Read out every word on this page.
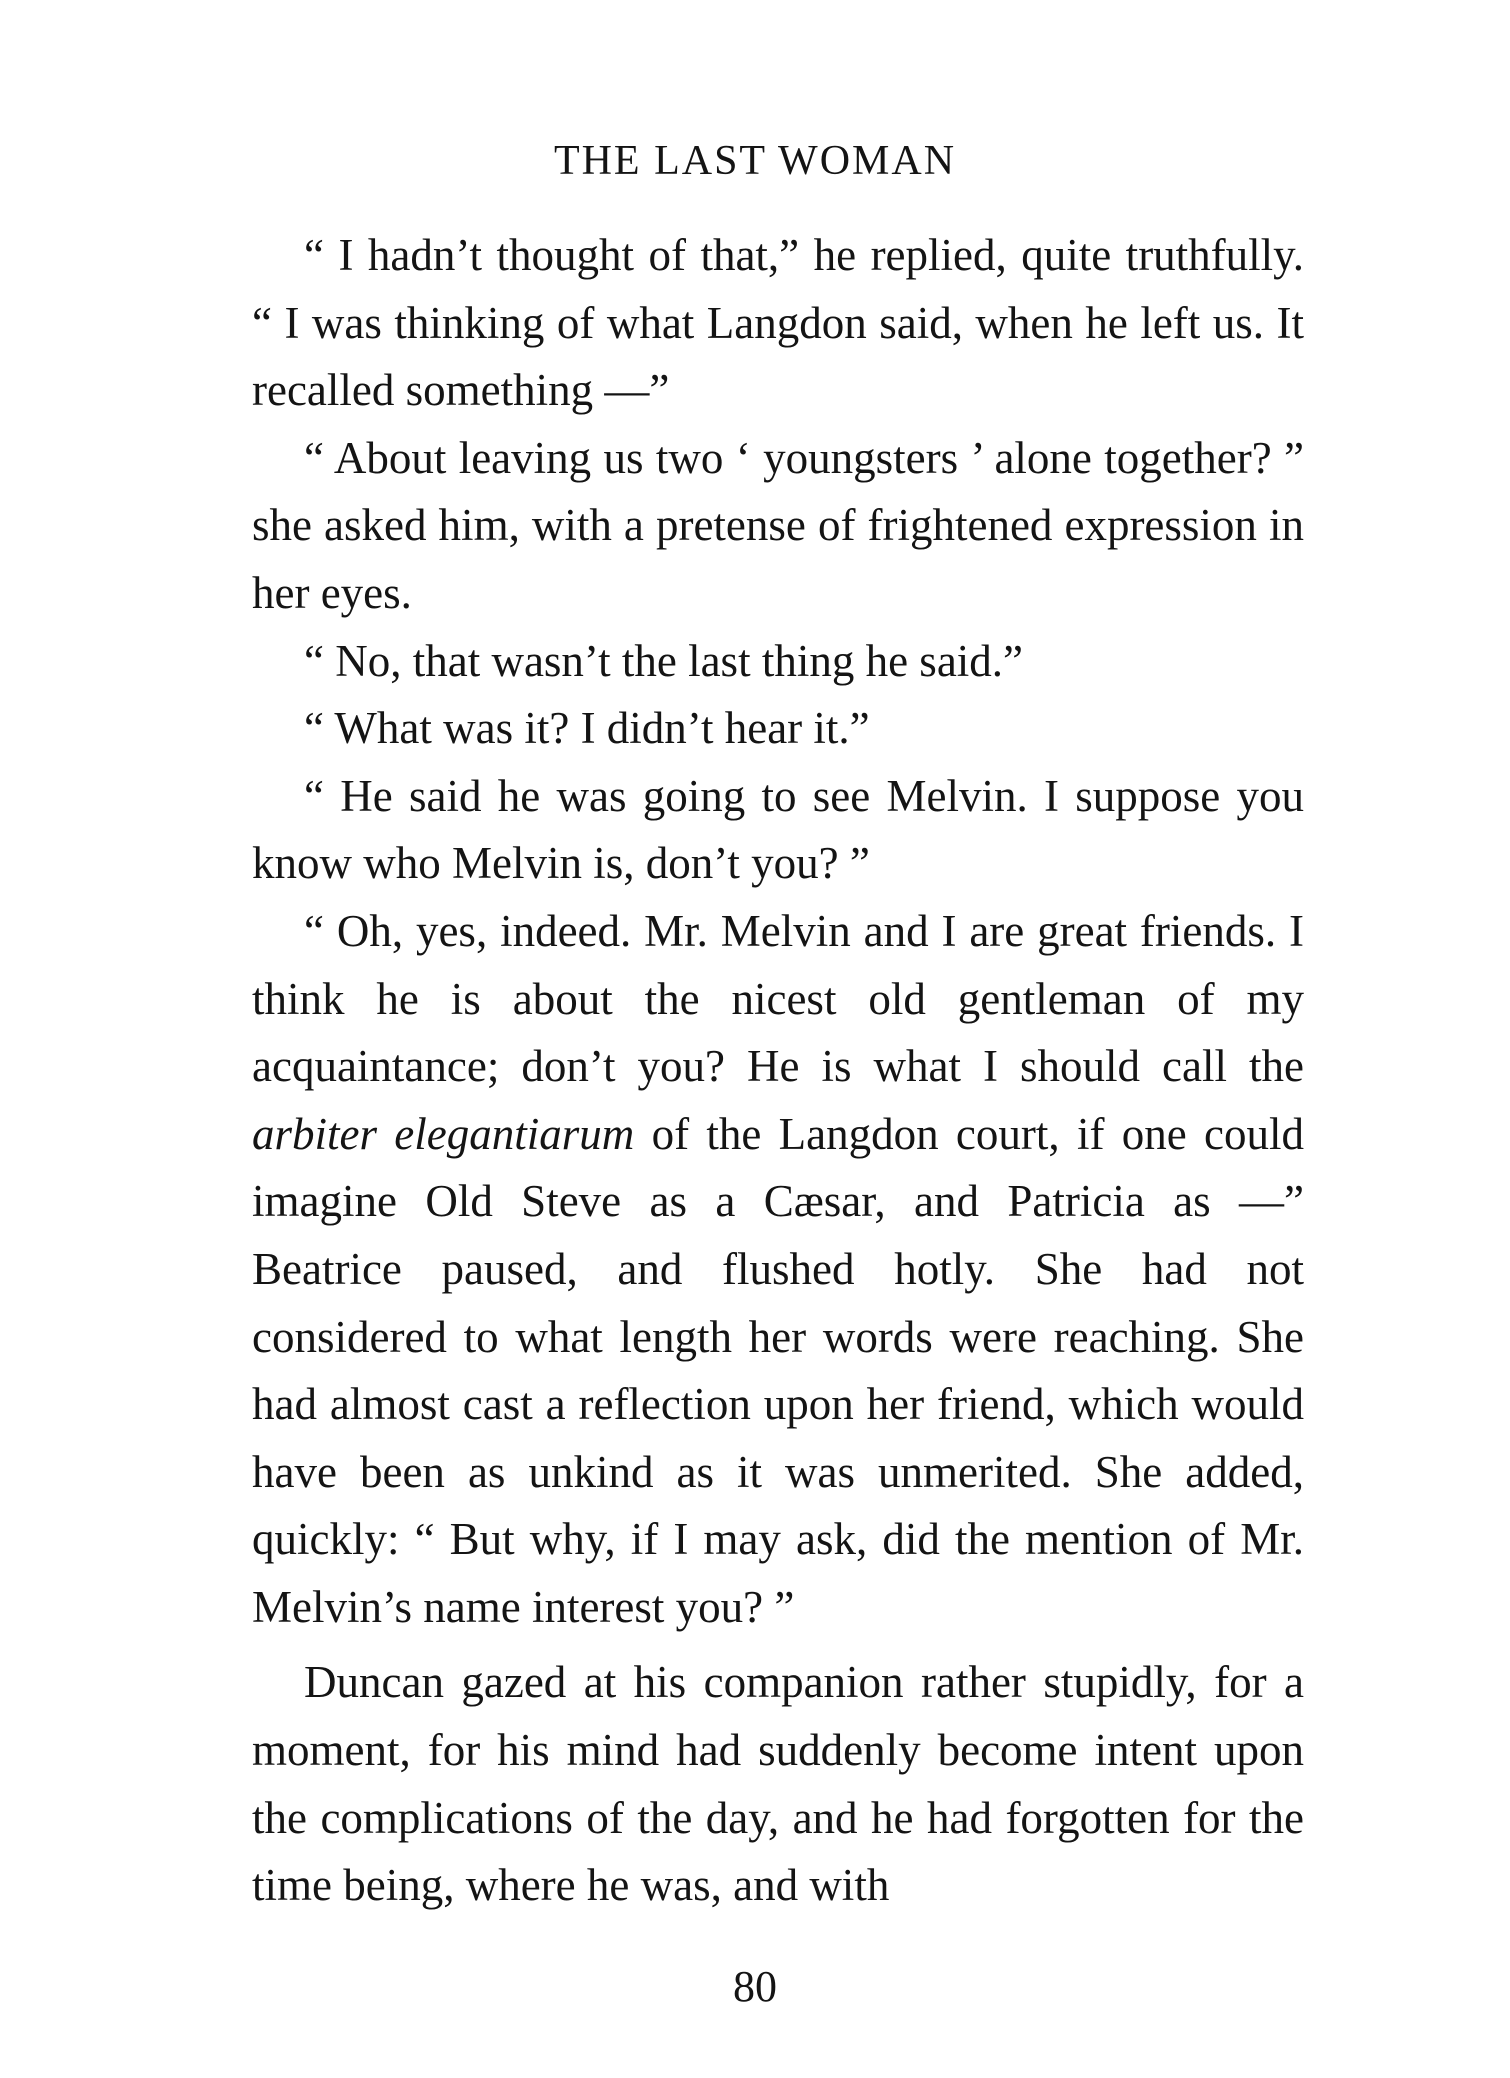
THE LAST WOMAN

“ I hadn’t thought of that,” he replied, quite truthfully. “ I was thinking of what Langdon said, when he left us. It recalled something —”

“ About leaving us two ‘ youngsters ’ alone together? ” she asked him, with a pretense of frightened expression in her eyes.

“ No, that wasn’t the last thing he said.”

“ What was it? I didn’t hear it.”

“ He said he was going to see Melvin. I suppose you know who Melvin is, don’t you? ”

“ Oh, yes, indeed. Mr. Melvin and I are great friends. I think he is about the nicest old gentleman of my acquaintance; don’t you? He is what I should call the arbiter elegantiarum of the Langdon court, if one could imagine Old Steve as a Cæsar, and Patricia as —” Beatrice paused, and flushed hotly. She had not considered to what length her words were reaching. She had almost cast a reflection upon her friend, which would have been as unkind as it was unmerited. She added, quickly: “ But why, if I may ask, did the mention of Mr. Melvin’s name interest you? ”

Duncan gazed at his companion rather stupidly, for a moment, for his mind had suddenly become intent upon the complications of the day, and he had forgotten for the time being, where he was, and with

80
